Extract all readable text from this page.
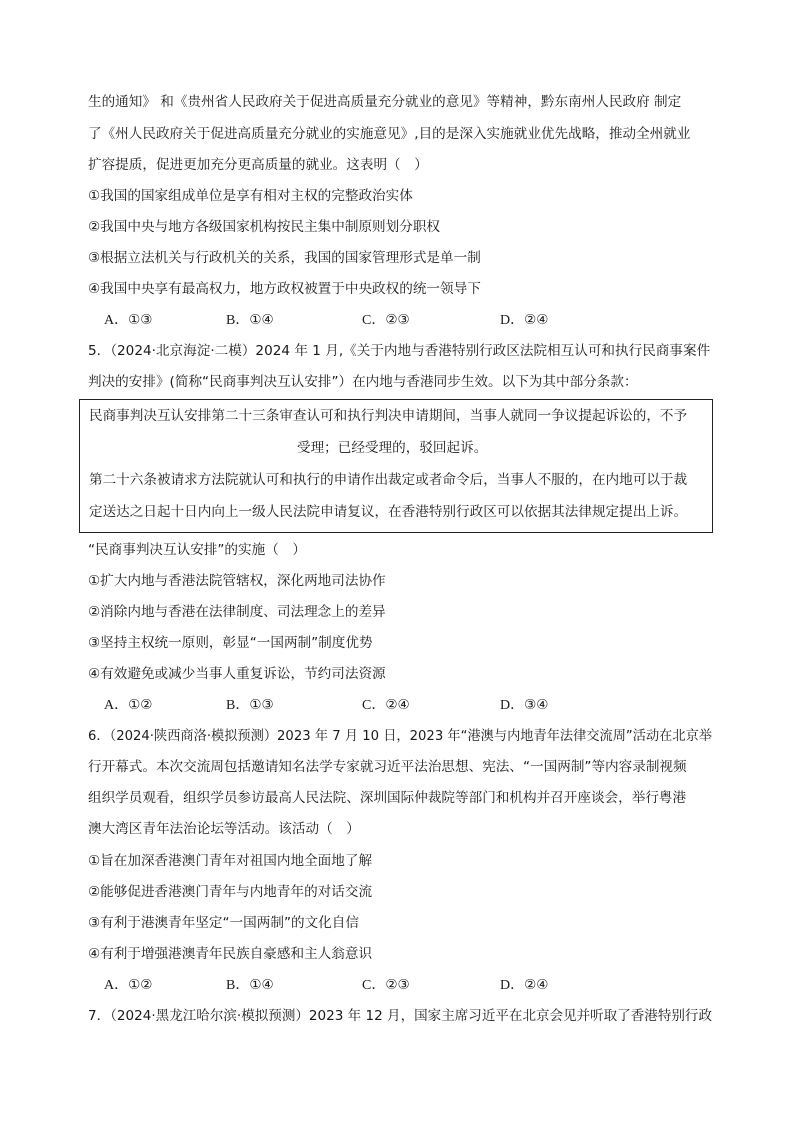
生的通知》 和《贵州省人民政府关于促进高质量充分就业的意见》等精神，黔东南州人民政府 制定
了《州人民政府关于促进高质量充分就业的实施意见》,目的是深入实施就业优先战略，推动全州就业
扩容提质，促进更加充分更高质量的就业。这表明（　）
①我国的国家组成单位是享有相对主权的完整政治实体
②我国中央与地方各级国家机构按民主集中制原则划分职权
③根据立法机关与行政机关的关系，我国的国家管理形式是单一制
④我国中央享有最高权力，地方政权被置于中央政权的统一领导下
A．①③	B．①④	C．②③	D．②④
5．（2024·北京海淀·二模）2024 年 1 月,《关于内地与香港特别行政区法院相互认可和执行民商事案件
判决的安排》(简称“民商事判决互认安排”）在内地与香港同步生效。以下为其中部分条款：
民商事判决互认安排第二十三条审查认可和执行判决申请期间，当事人就同一争议提起诉讼的，不予
受理；已经受理的，驳回起诉。
第二十六条被请求方法院就认可和执行的申请作出裁定或者命令后，当事人不服的，在内地可以于裁
定送达之日起十日内向上一级人民法院申请复议，在香港特别行政区可以依据其法律规定提出上诉。
“民商事判决互认安排”的实施（　）
①扩大内地与香港法院管辖权，深化两地司法协作
②消除内地与香港在法律制度、司法理念上的差异
③坚持主权统一原则，彰显“一国两制”制度优势
④有效避免或减少当事人重复诉讼，节约司法资源
A．①②	B．①③	C．②④	D．③④
6．（2024·陕西商洛·模拟预测）2023 年 7 月 10 日，2023 年“港澳与内地青年法律交流周”活动在北京举
行开幕式。本次交流周包括邀请知名法学专家就习近平法治思想、宪法、“一国两制”等内容录制视频
组织学员观看，组织学员参访最高人民法院、深圳国际仲裁院等部门和机构并召开座谈会，举行粤港
澳大湾区青年法治论坛等活动。该活动（　）
①旨在加深香港澳门青年对祖国内地全面地了解
②能够促进香港澳门青年与内地青年的对话交流
③有利于港澳青年坚定“一国两制”的文化自信
④有利于增强港澳青年民族自豪感和主人翁意识
A．①②	B．①④	C．②③	D．②④
7．（2024·黑龙江哈尔滨·模拟预测）2023 年 12 月，国家主席习近平在北京会见并听取了香港特别行政
